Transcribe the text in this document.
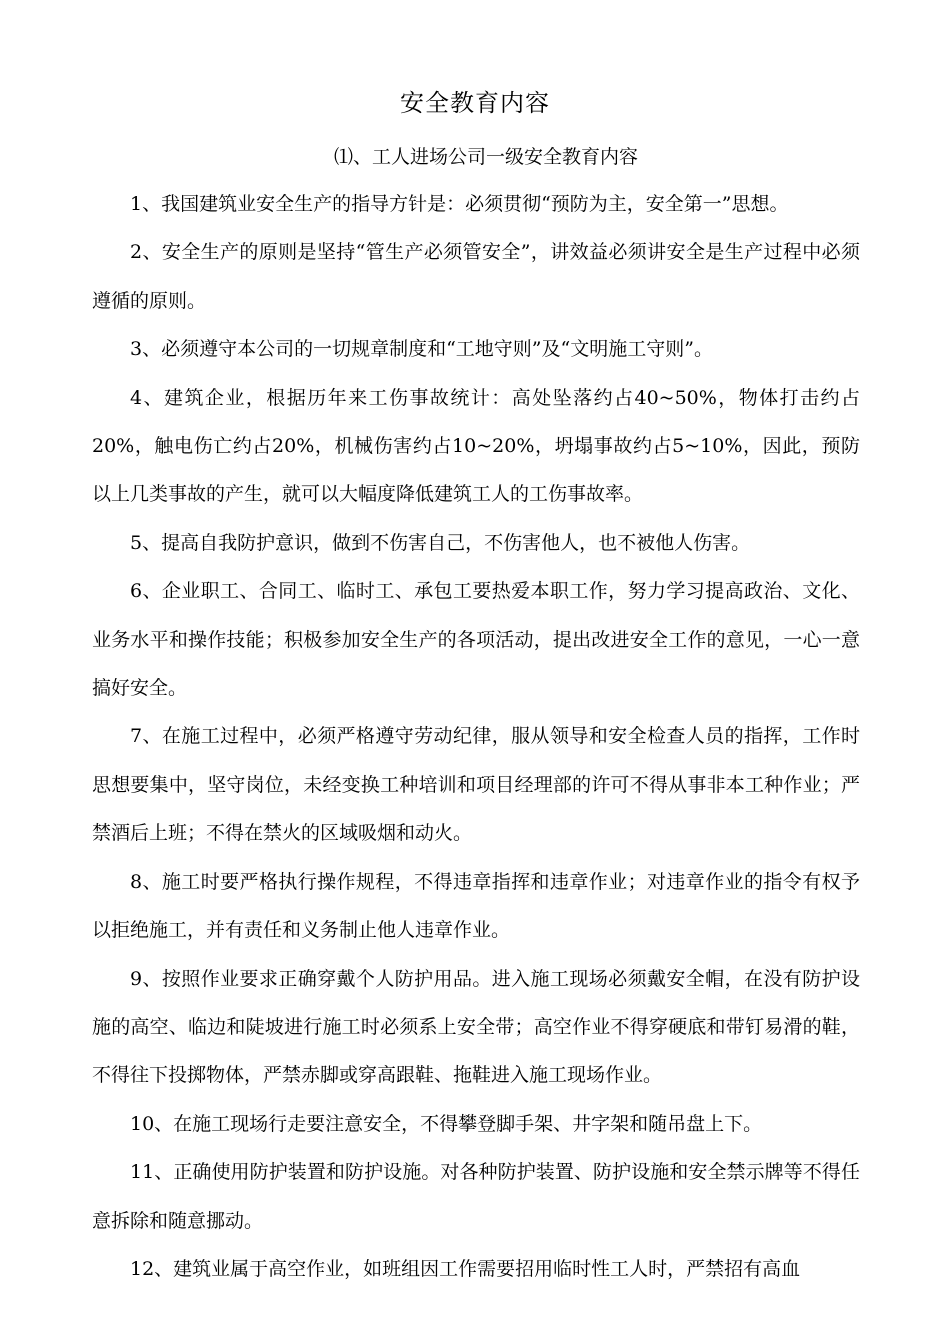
安全教育内容

⑴、工人进场公司一级安全教育内容

1、我国建筑业安全生产的指导方针是：必须贯彻“预防为主，安全第一”思想。

2、安全生产的原则是坚持“管生产必须管安全”，讲效益必须讲安全是生产过程中必须遵循的原则。

3、必须遵守本公司的一切规章制度和“工地守则”及“文明施工守则”。

4、建筑企业，根据历年来工伤事故统计：高处坠落约占40~50%，物体打击约占20%，触电伤亡约占20%，机械伤害约占10~20%，坍塌事故约占5~10%，因此，预防以上几类事故的产生，就可以大幅度降低建筑工人的工伤事故率。

5、提高自我防护意识，做到不伤害自己，不伤害他人，也不被他人伤害。

6、企业职工、合同工、临时工、承包工要热爱本职工作，努力学习提高政治、文化、业务水平和操作技能；积极参加安全生产的各项活动，提出改进安全工作的意见，一心一意搞好安全。

7、在施工过程中，必须严格遵守劳动纪律，服从领导和安全检查人员的指挥，工作时思想要集中，坚守岗位，未经变换工种培训和项目经理部的许可不得从事非本工种作业；严禁酒后上班；不得在禁火的区域吸烟和动火。

8、施工时要严格执行操作规程，不得违章指挥和违章作业；对违章作业的指令有权予以拒绝施工，并有责任和义务制止他人违章作业。

9、按照作业要求正确穿戴个人防护用品。进入施工现场必须戴安全帽，在没有防护设施的高空、临边和陡坡进行施工时必须系上安全带；高空作业不得穿硬底和带钉易滑的鞋，不得往下投掷物体，严禁赤脚或穿高跟鞋、拖鞋进入施工现场作业。

10、在施工现场行走要注意安全，不得攀登脚手架、井字架和随吊盘上下。

11、正确使用防护装置和防护设施。对各种防护装置、防护设施和安全禁示牌等不得任意拆除和随意挪动。

12、建筑业属于高空作业，如班组因工作需要招用临时性工人时，严禁招有高血
